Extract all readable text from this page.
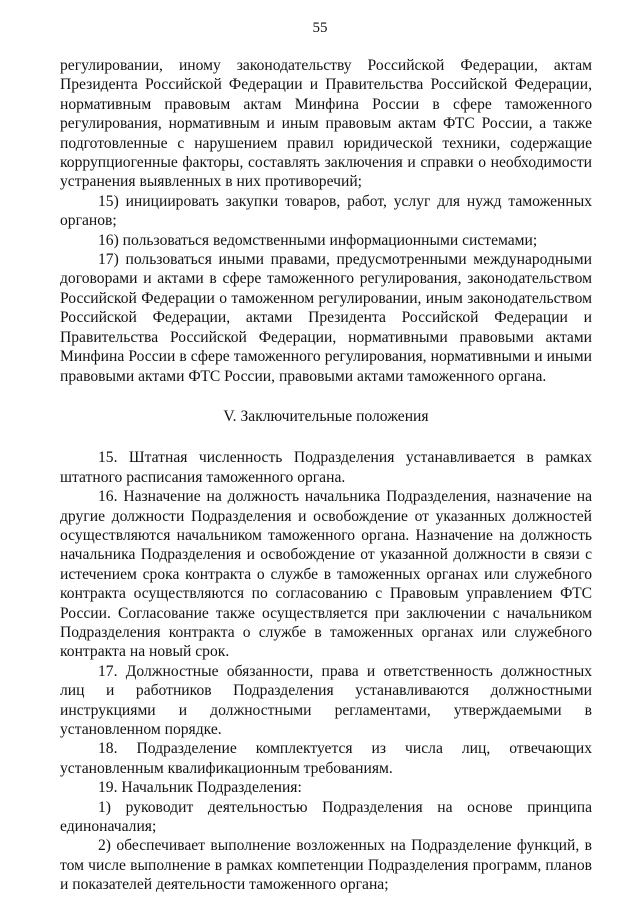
55

регулировании, иному законодательству Российской Федерации, актам Президента Российской Федерации и Правительства Российской Федерации, нормативным правовым актам Минфина России в сфере таможенного регулирования, нормативным и иным правовым актам ФТС России, а также подготовленные с нарушением правил юридической техники, содержащие коррупциогенные факторы, составлять заключения и справки о необходимости устранения выявленных в них противоречий;

15) инициировать закупки товаров, работ, услуг для нужд таможенных органов;

16) пользоваться ведомственными информационными системами;

17) пользоваться иными правами, предусмотренными международными договорами и актами в сфере таможенного регулирования, законодательством Российской Федерации о таможенном регулировании, иным законодательством Российской Федерации, актами Президента Российской Федерации и Правительства Российской Федерации, нормативными правовыми актами Минфина России в сфере таможенного регулирования, нормативными и иными правовыми актами ФТС России, правовыми актами таможенного органа.

V. Заключительные положения

15. Штатная численность Подразделения устанавливается в рамках штатного расписания таможенного органа.

16. Назначение на должность начальника Подразделения, назначение на другие должности Подразделения и освобождение от указанных должностей осуществляются начальником таможенного органа. Назначение на должность начальника Подразделения и освобождение от указанной должности в связи с истечением срока контракта о службе в таможенных органах или служебного контракта осуществляются по согласованию с Правовым управлением ФТС России. Согласование также осуществляется при заключении с начальником Подразделения контракта о службе в таможенных органах или служебного контракта на новый срок.

17. Должностные обязанности, права и ответственность должностных лиц и работников Подразделения устанавливаются должностными инструкциями и должностными регламентами, утверждаемыми в установленном порядке.

18. Подразделение комплектуется из числа лиц, отвечающих установленным квалификационным требованиям.

19. Начальник Подразделения:

1) руководит деятельностью Подразделения на основе принципа единоначалия;

2) обеспечивает выполнение возложенных на Подразделение функций, в том числе выполнение в рамках компетенции Подразделения программ, планов и показателей деятельности таможенного органа;
